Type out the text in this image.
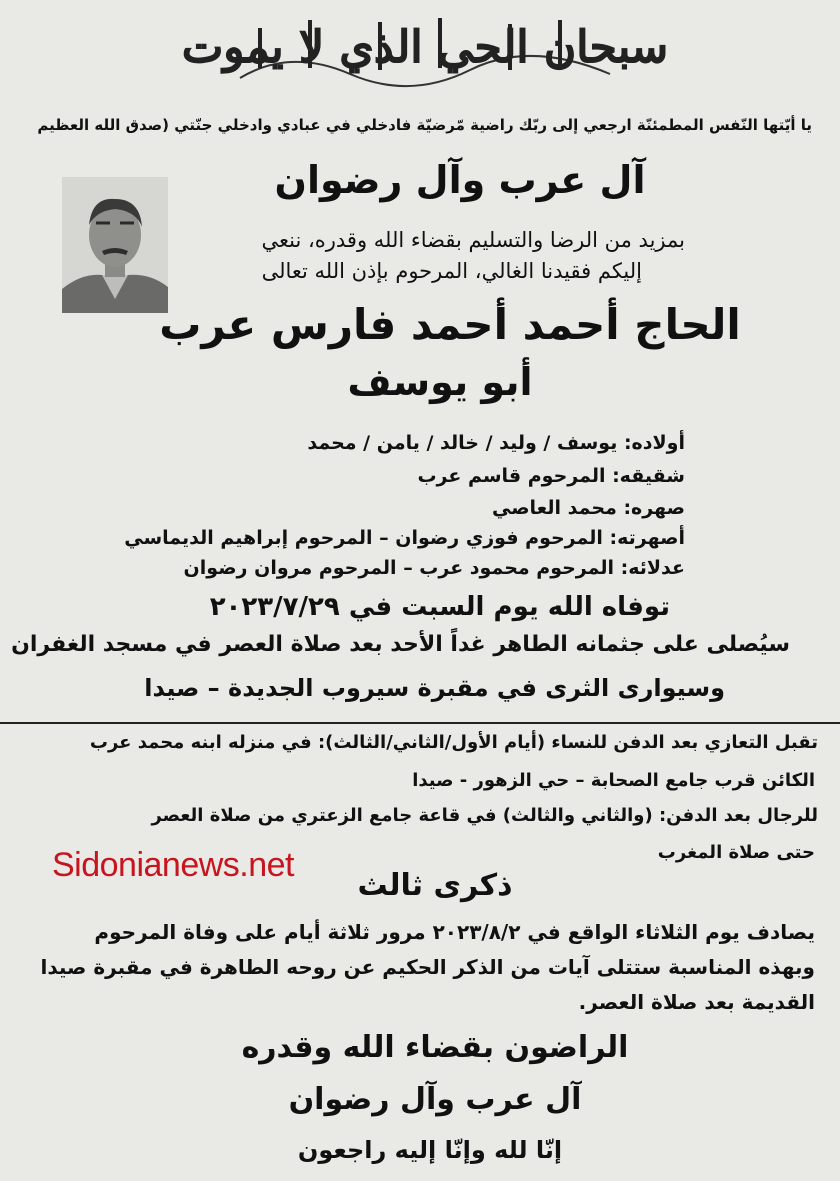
سبحان الحي الذي لا يموت
يا أيّتها النّفس المطمئنّة ارجعي إلى ربّك راضية مّرضيّة فادخلي في عبادي وادخلي جنّتي (صدق الله العظيم
آل عرب وآل رضوان
بمزيد من الرضا والتسليم بقضاء الله وقدره، ننعي
إليكم فقيدنا الغالي، المرحوم بإذن الله تعالى
الحاج أحمد أحمد فارس عرب
أبو يوسف
أولاده: يوسف / وليد / خالد / يامن / محمد
شقيقه: المرحوم قاسم عرب
صهره: محمد العاصي
أصهرته: المرحوم فوزي رضوان – المرحوم إبراهيم الديماسي
عدلائه: المرحوم محمود عرب – المرحوم مروان رضوان
توفاه الله يوم السبت في ٢٠٢٣/٧/٢٩
سيُصلى على جثمانه الطاهر غداً الأحد بعد صلاة العصر في مسجد الغفران
وسيوارى الثرى في مقبرة سيروب الجديدة – صيدا
تقبل التعازي بعد الدفن للنساء (أيام الأول/الثاني/الثالث): في منزله ابنه محمد عرب
الكائن قرب جامع الصحابة – حي الزهور - صيدا
للرجال بعد الدفن: (والثاني والثالث) في قاعة جامع الزعتري من صلاة العصر
حتى صلاة المغرب
Sidonianews.net
ذكرى ثالث
يصادف يوم الثلاثاء الواقع في ٢٠٢٣/٨/٢ مرور ثلاثة أيام على وفاة المرحوم
وبهذه المناسبة ستتلى آيات من الذكر الحكيم عن روحه الطاهرة في مقبرة صيدا
القديمة بعد صلاة العصر.
الراضون بقضاء الله وقدره
آل عرب وآل رضوان
إنّا لله وإنّا إليه راجعون
